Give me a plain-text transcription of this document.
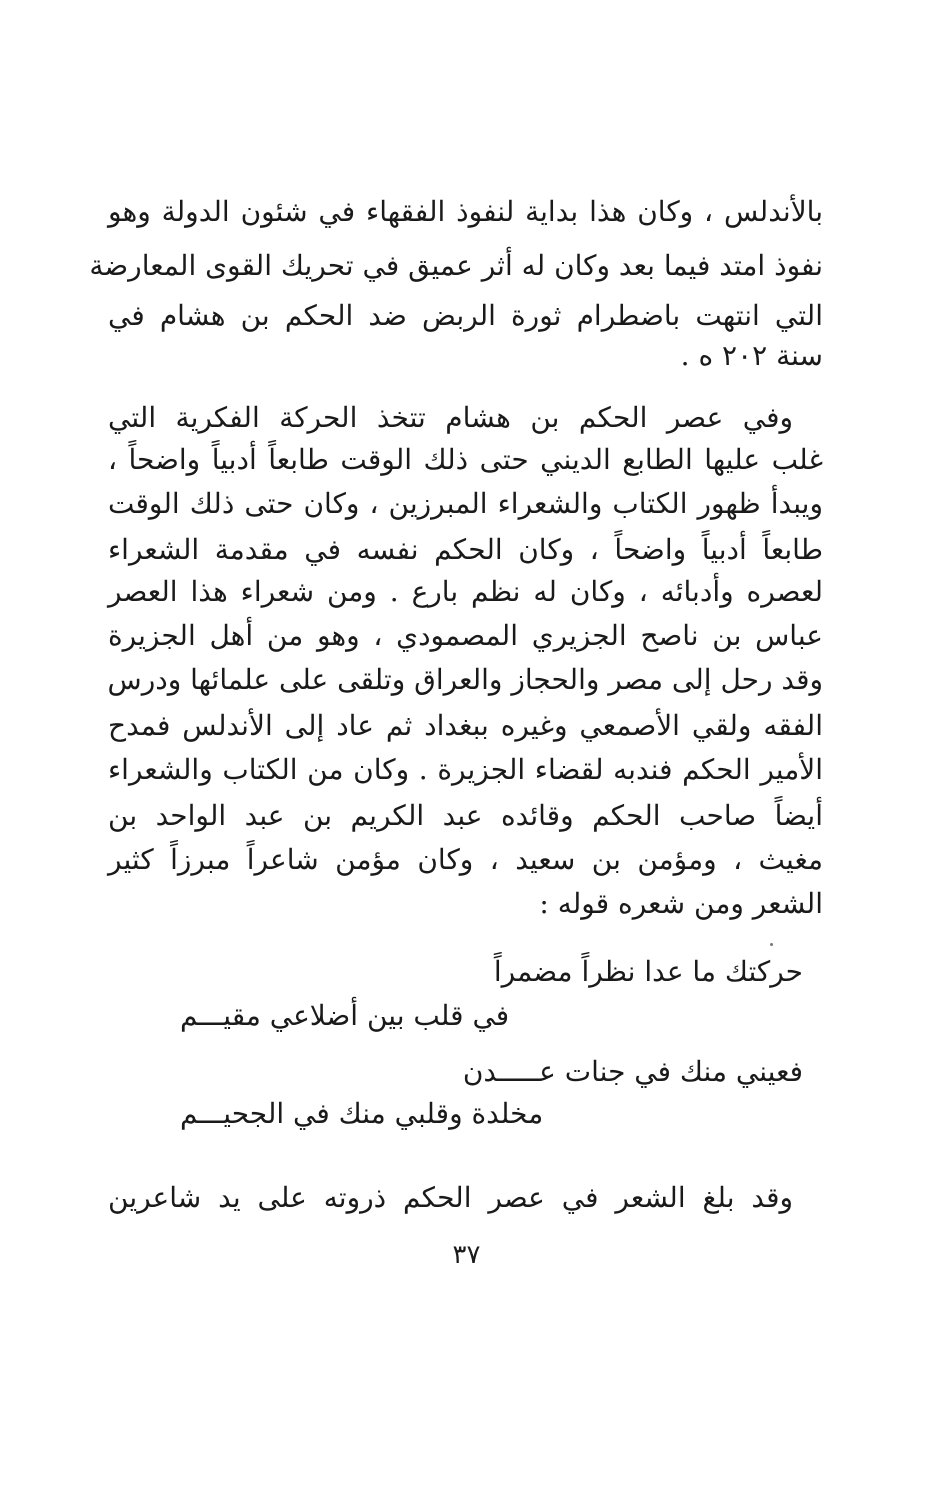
بالأندلس ، وكان هذا بداية لنفوذ الفقهاء في شئون الدولة وهو
نفوذ امتد فيما بعد وكان له أثر عميق في تحريك القوى المعارضة
التي انتهت باضطرام ثورة الربض ضد الحكم بن هشام في
سنة ٢٠٢ ه .
وفي عصر الحكم بن هشام تتخذ الحركة الفكرية التي
غلب عليها الطابع الديني حتى ذلك الوقت طابعاً أدبياً واضحاً ،
ويبدأ ظهور الكتاب والشعراء المبرزين ، وكان حتى ذلك الوقت
طابعاً أدبياً واضحاً ، وكان الحكم نفسه في مقدمة الشعراء
لعصره وأدبائه ، وكان له نظم بارع . ومن شعراء هذا العصر
عباس بن ناصح الجزيري المصمودي ، وهو من أهل الجزيرة
وقد رحل إلى مصر والحجاز والعراق وتلقى على علمائها ودرس
الفقه ولقي الأصمعي وغيره ببغداد ثم عاد إلى الأندلس فمدح
الأمير الحكم فندبه لقضاء الجزيرة . وكان من الكتاب والشعراء
أيضاً صاحب الحكم وقائده عبد الكريم بن عبد الواحد بن
مغيث ، ومؤمن بن سعيد ، وكان مؤمن شاعراً مبرزاً كثير
الشعر ومن شعره قوله :
حركتك ما عدا نظراً مضمراً
في قلب بين أضلاعي مقيـــم
فعيني منك في جنات عـــــدن
مخلدة وقلبي منك في الجحيـــم
وقد بلغ الشعر في عصر الحكم ذروته على يد شاعرين
٣٧
